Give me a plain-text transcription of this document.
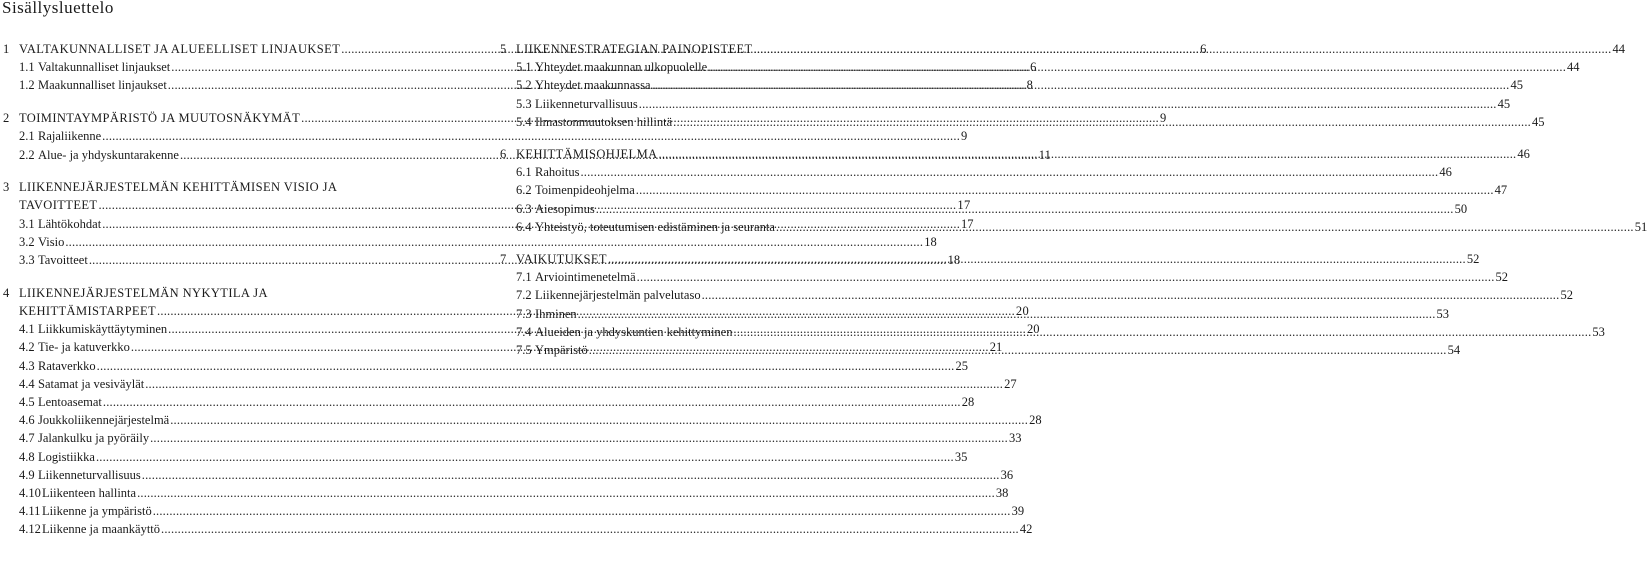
Sisällysluettelo
1 VALTAKUNNALLISET JA ALUEELLISET LINJAUKSET .....	6
1.1 Valtakunnalliset linjaukset .....	6
1.2 Maakunnalliset linjaukset .....	8
2 TOIMINTAYMPÄRISTÖ JA MUUTOSNÄKYMÄT .....	9
2.1 Rajaliikenne .....	9
2.2 Alue- ja yhdyskuntarakenne .....	11
3 LIIKENNEJÄRJESTELMÄN KEHITTÄMISEN VISIO JA
TAVOITTEET .....	17
3.1 Lähtökohdat .....	17
3.2 Visio .....	18
3.3 Tavoitteet .....	18
4 LIIKENNEJÄRJESTELMÄN NYKYTILA JA
KEHITTÄMISTARPEET .....	20
4.1 Liikkumiskäyttäytyminen .....	20
4.2 Tie- ja katuverkko .....	21
4.3 Rataverkko .....	25
4.4 Satamat ja vesiväylät .....	27
4.5 Lentoasemat .....	28
4.6 Joukkoliikennejärjestelmä .....	28
4.7 Jalankulku ja pyöräily .....	33
4.8 Logistiikka .....	35
4.9 Liikenneturvallisuus .....	36
4.10 Liikenteen hallinta .....	38
4.11 Liikenne ja ympäristö .....	39
4.12 Liikenne ja maankäyttö .....	42
5 LIIKENNESTRATEGIAN PAINOPISTEET .....	44
5.1 Yhteydet maakunnan ulkopuolelle .....	44
5.2 Yhteydet maakunnassa .....	45
5.3 Liikenneturvallisuus .....	45
5.4 Ilmastonmuutoksen hillintä .....	45
6 KEHITTÄMISOHJELMA .....	46
6.1 Rahoitus .....	46
6.2 Toimenpideohjelma .....	47
6.3 Aiesopimus .....	50
6.4 Yhteistyö, toteutumisen edistäminen ja seuranta .....	51
7 VAIKUTUKSET .....	52
7.1 Arviointimenetelmä .....	52
7.2 Liikennejärjestelmän palvelutaso .....	52
7.3 Ihminen .....	53
7.4 Alueiden ja yhdyskuntien kehittyminen .....	53
7.5 Ympäristö .....	54
